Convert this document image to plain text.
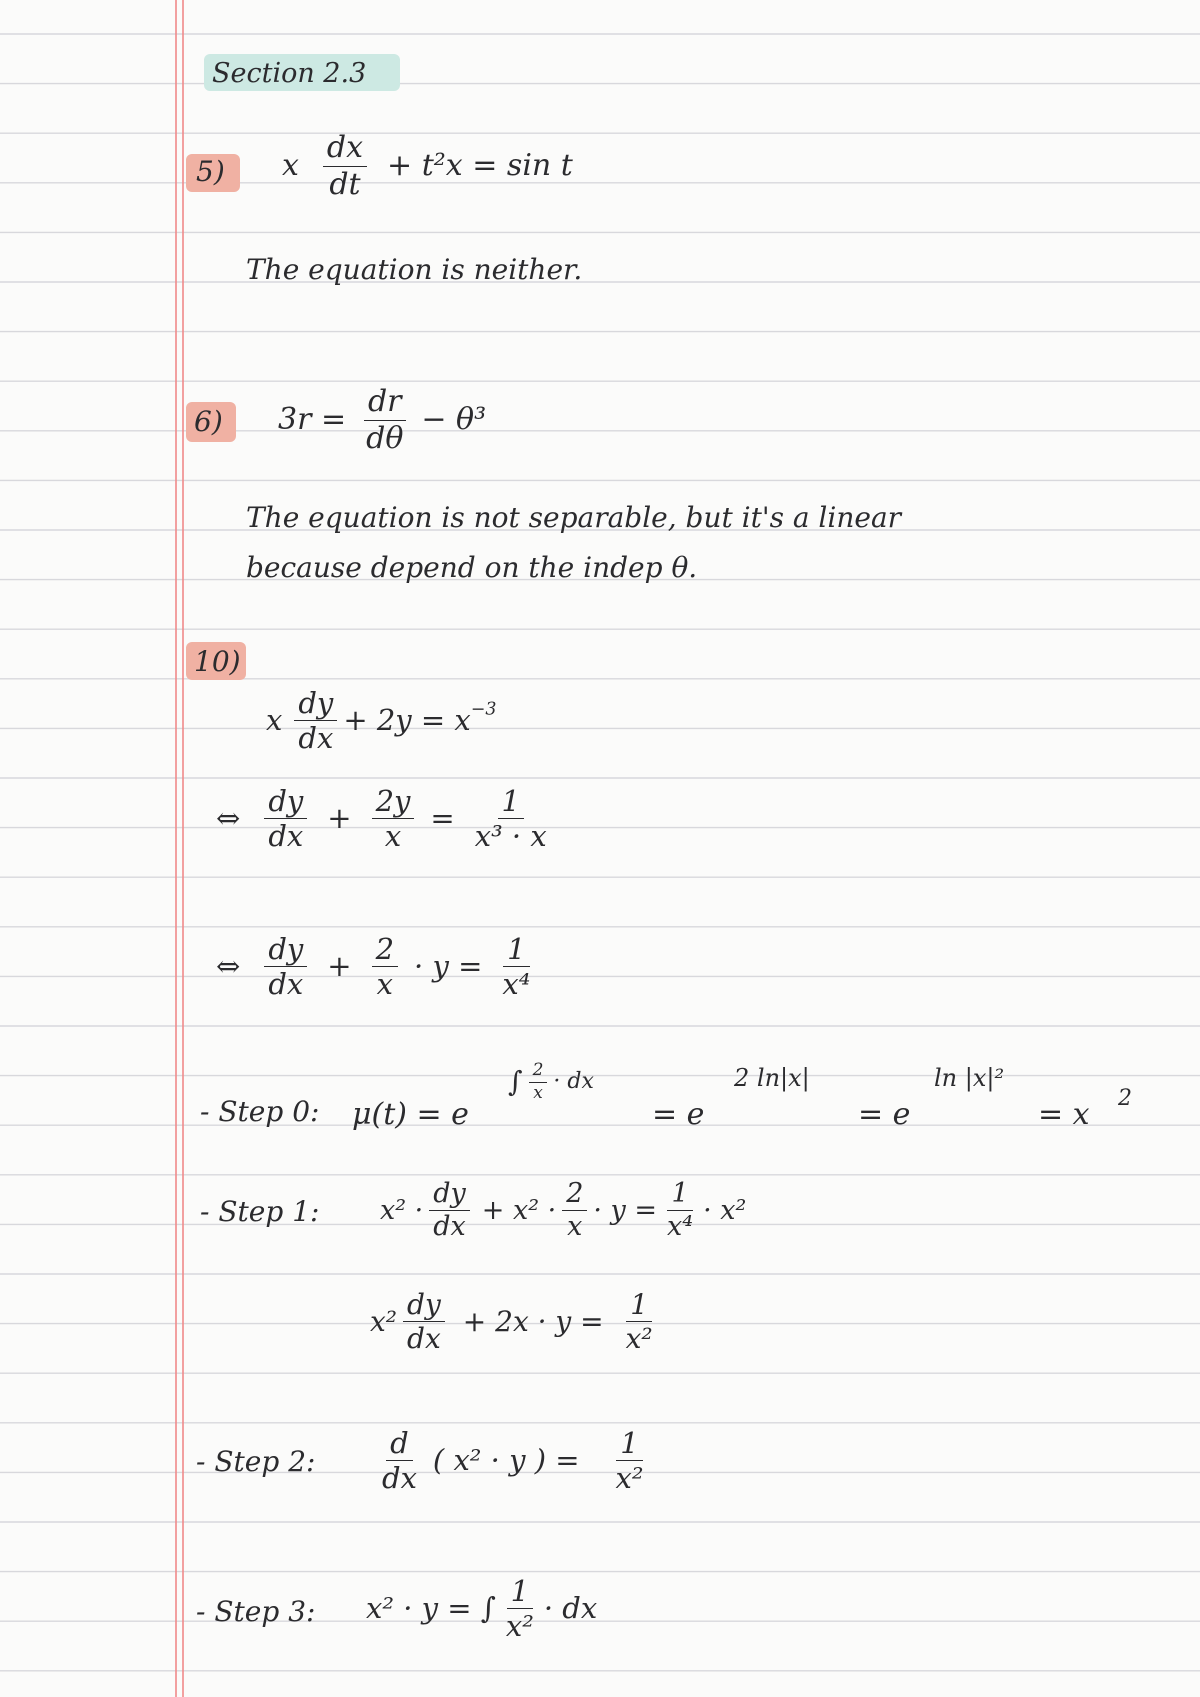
Section 2.3
5) x $\frac{dx}{dt} + t^2x = \sin t$
The equation is neither.
6) $3r = \frac{dr}{d\theta} - \theta^3$
The equation is not separable, but it's a linear
because depend on the indep θ.
10)
x $\frac{dy}{dx} + 2y = x^{-3}$
⇔ $\frac{dy}{dx} + \frac{2y}{x} = \frac{1}{\text{x³ · x}}$
⇔ $\frac{dy}{dx} + \frac{2}{x} \cdot y = \frac{1}{\text{x⁴}}$
- Step 0: μ(t) = e
∫ $\frac{2}{x}$ · dx
= e
2 ln|x|
= e
ln |x|²
= x 2
- Step 1: $x^2 \cdot \frac{dy}{dx} + x^2 \cdot \frac{2}{x} \cdot y = \frac{1}{\text{x⁴}} \cdot x^2$
$x^2 \frac{dy}{dx} + 2x \cdot y = \frac{1}{\text{x²}}$
- Step 2: $\frac{d}{dx}$ ( x² · y ) = $\frac{1}{\text{x²}}$
- Step 3: x² · y = ∫ $\frac{1}{\text{x²}}$ · dx
